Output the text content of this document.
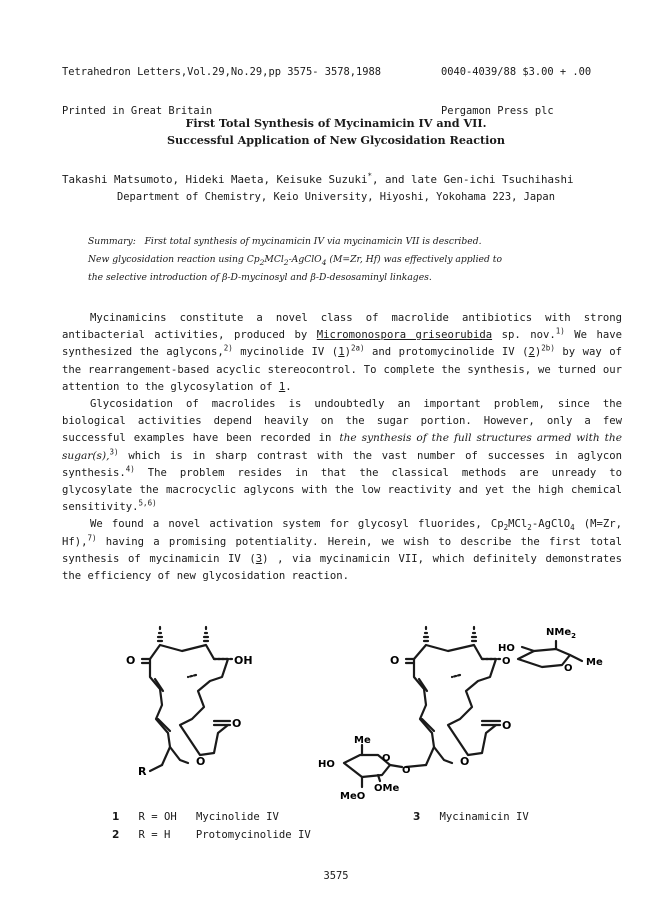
Tetrahedron Letters,Vol.29,No.29,pp 3575- 3578,1988

Printed in Great Britain

0040-4039/88 $3.00 + .00

Pergamon Press plc

First Total Synthesis of Mycinamicin IV and VII.
Successful Application of New Glycosidation Reaction
Takashi Matsumoto, Hideki Maeta, Keisuke Suzuki*, and late Gen-ichi Tsuchihashi
Department of Chemistry, Keio University, Hiyoshi, Yokohama 223, Japan
Summary: First total synthesis of mycinamicin IV via mycinamicin VII is described.
New glycosidation reaction using $Cp_2MCl_2-AgClO_4$ (M=Zr, Hf) was effectively applied to
the selective introduction of β-D-mycinosyl and β-D-desosaminyl linkages.

Mycinamicins constitute a novel class of macrolide antibiotics with strong antibacterial activities, produced by Micromonospora griseorubida sp. nov.$^{1)}$ We have synthesized the aglycons,$^{2)}$ mycinolide IV $(1)^{2a)}$ and protomycinolide IV $(2)^{2b)}$ by way of the rearrangement-based acyclic stereocontrol. To complete the synthesis, we turned our attention to the glycosylation of 1.

Glycosidation of macrolides is undoubtedly an important problem, since the biological activities depend heavily on the sugar portion. However, only a few successful examples have been recorded in the synthesis of the full structures armed with the sugar(s),$^{3)}$ which is in sharp contrast with the vast number of successes in aglycon synthesis.$^{4)}$ The problem resides in that the classical methods are unready to glycosylate the macrocyclic aglycons with the low reactivity and yet the high chemical sensitivity.$^{5,6)}$

We found a novel activation system for glycosyl fluorides, $Cp_2MCl_2-AgClO_4$ (M=Zr, Hf),$^{7)}$ having a promising potentiality. Herein, we wish to describe the first total synthesis of mycinamicin IV (3) , via mycinamicin VII, which definitely demonstrates the efficiency of new glycosidation reaction.

O	OH
O
O
R
O
NMe$_2$
HO
O
O
Me
O
O
Me
HO
O
O
OMe
MeO
1 R = OH Mycinolide IV
2 R = H Protomycinolide IV
3 Mycinamicin IV
3575
